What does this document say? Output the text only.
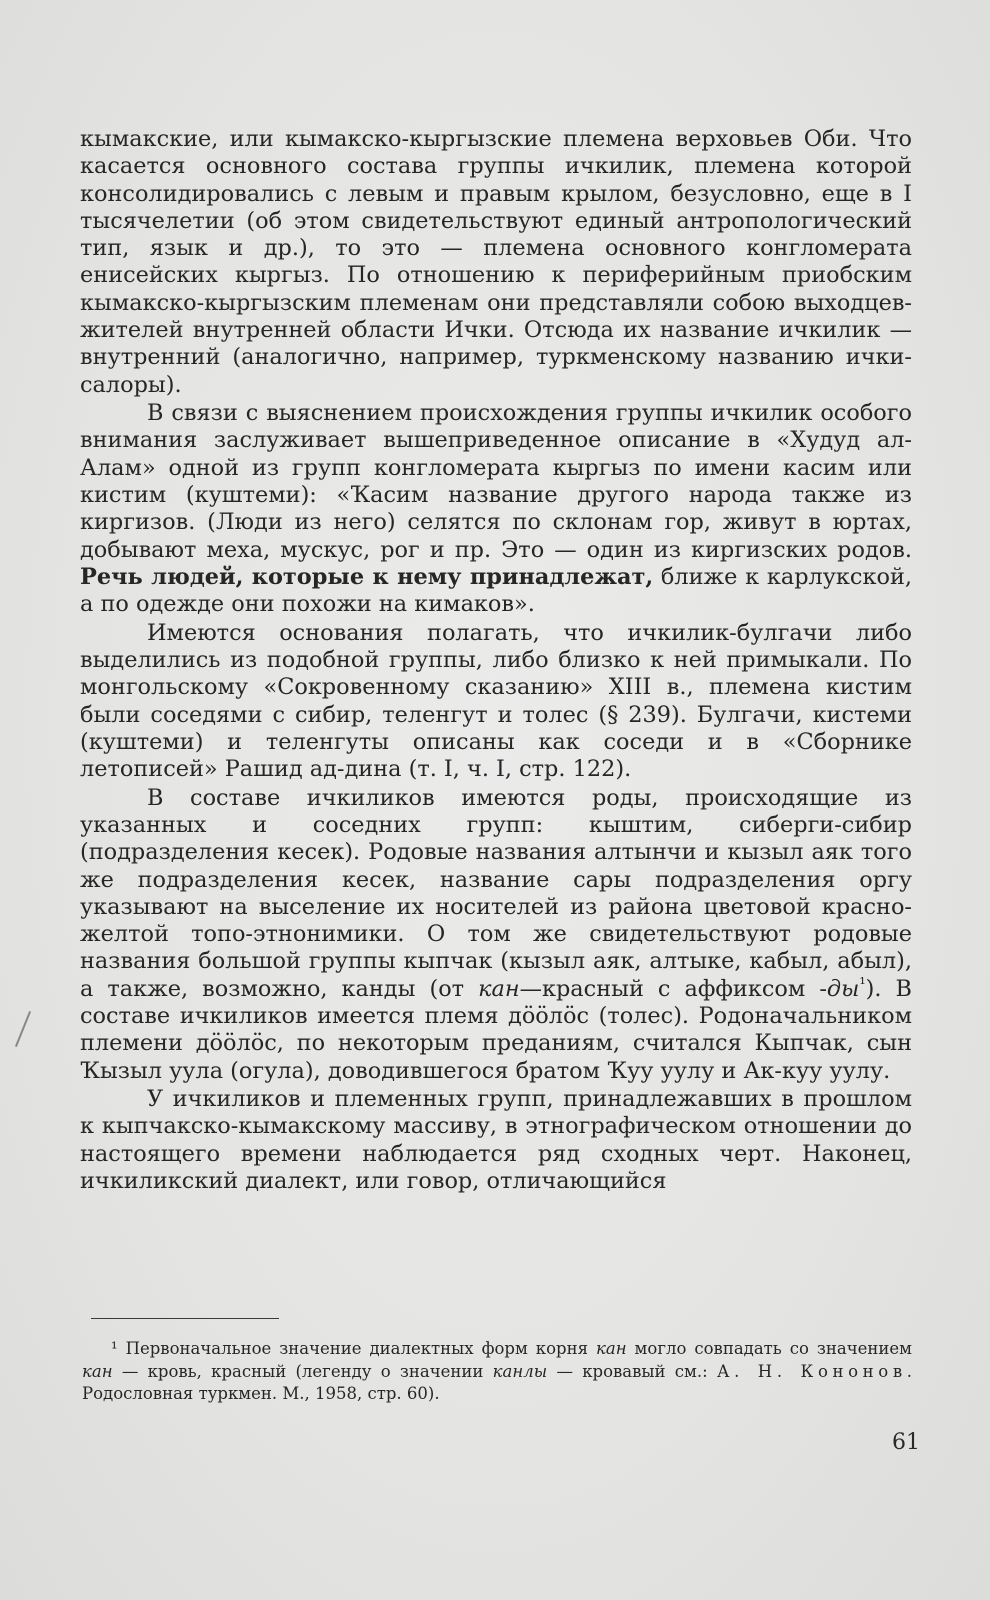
кымакские, или кымакско-кыргызские племена верховьев Оби. Что касается основного состава группы ичкилик, племена которой консолидировались с левым и правым крылом, безусловно, еще в I тысячелетии (об этом свидетельствуют единый антропологический тип, язык и др.), то это — племена основного конгломерата енисейских кыргыз. По отношению к периферийным приобским кымакско-кыргызским племенам они представляли собою выходцев-жителей внутренней области Ички. Отсюда их название ичкилик — внутренний (аналогично, например, туркменскому названию ички-салоры).

В связи с выяснением происхождения группы ичкилик особого внимания заслуживает вышеприведенное описание в «Худуд ал-Алам» одной из групп конгломерата кыргыз по имени касим или кистим (куштеми): «Ҡасим название другого народа также из киргизов. (Люди из него) селятся по склонам гор, живут в юртах, добывают меха, мускус, рог и пр. Это — один из киргизских родов. Речь людей, которые к нему принадлежат, ближе к карлукской, а по одежде они похожи на кимаков».

Имеются основания полагать, что ичкилик-булгачи либо выделились из подобной группы, либо близко к ней примыкали. По монгольскому «Сокровенному сказанию» XIII в., племена кистим были соседями с сибир, теленгут и толес (§ 239). Булгачи, кистеми (куштеми) и теленгуты описаны как соседи и в «Сборнике летописей» Рашид ад-дина (т. I, ч. I, стр. 122).

В составе ичкиликов имеются роды, происходящие из указанных и соседних групп: кыштим, сиберги-сибир (подразделения кесек). Родовые названия алтынчи и кызыл аяк того же подразделения кесек, название сары подразделения оргу указывают на выселение их носителей из района цветовой красно-желтой топо-этнонимики. О том же свидетельствуют родовые названия большой группы кыпчак (кызыл аяк, алтыке, кабыл, абыл), а также, возможно, канды (от кан—красный с аффиксом $-ды^{^1}$). В составе ичкиликов имеется племя дӧӧлӧс (толес). Родоначальником племени дӧӧлӧс, по некоторым преданиям, считался Кыпчак, сын Ҡызыл уула (огула), доводившегося братом Ҡуу уулу и Ак-куу уулу.

У ичкиликов и племенных групп, принадлежавших в прошлом к кыпчакско-кымакскому массиву, в этнографическом отношении до настоящего времени наблюдается ряд сходных черт. Наконец, ичкиликский диалект, или говор, отличающийся

¹ Первоначальное значение диалектных форм корня кан могло совпадать со значением кан — кровь, красный (легенду о значении канлы — кровавый см.: А. Н. Кононов. Родословная туркмен. М., 1958, стр. 60).

61
